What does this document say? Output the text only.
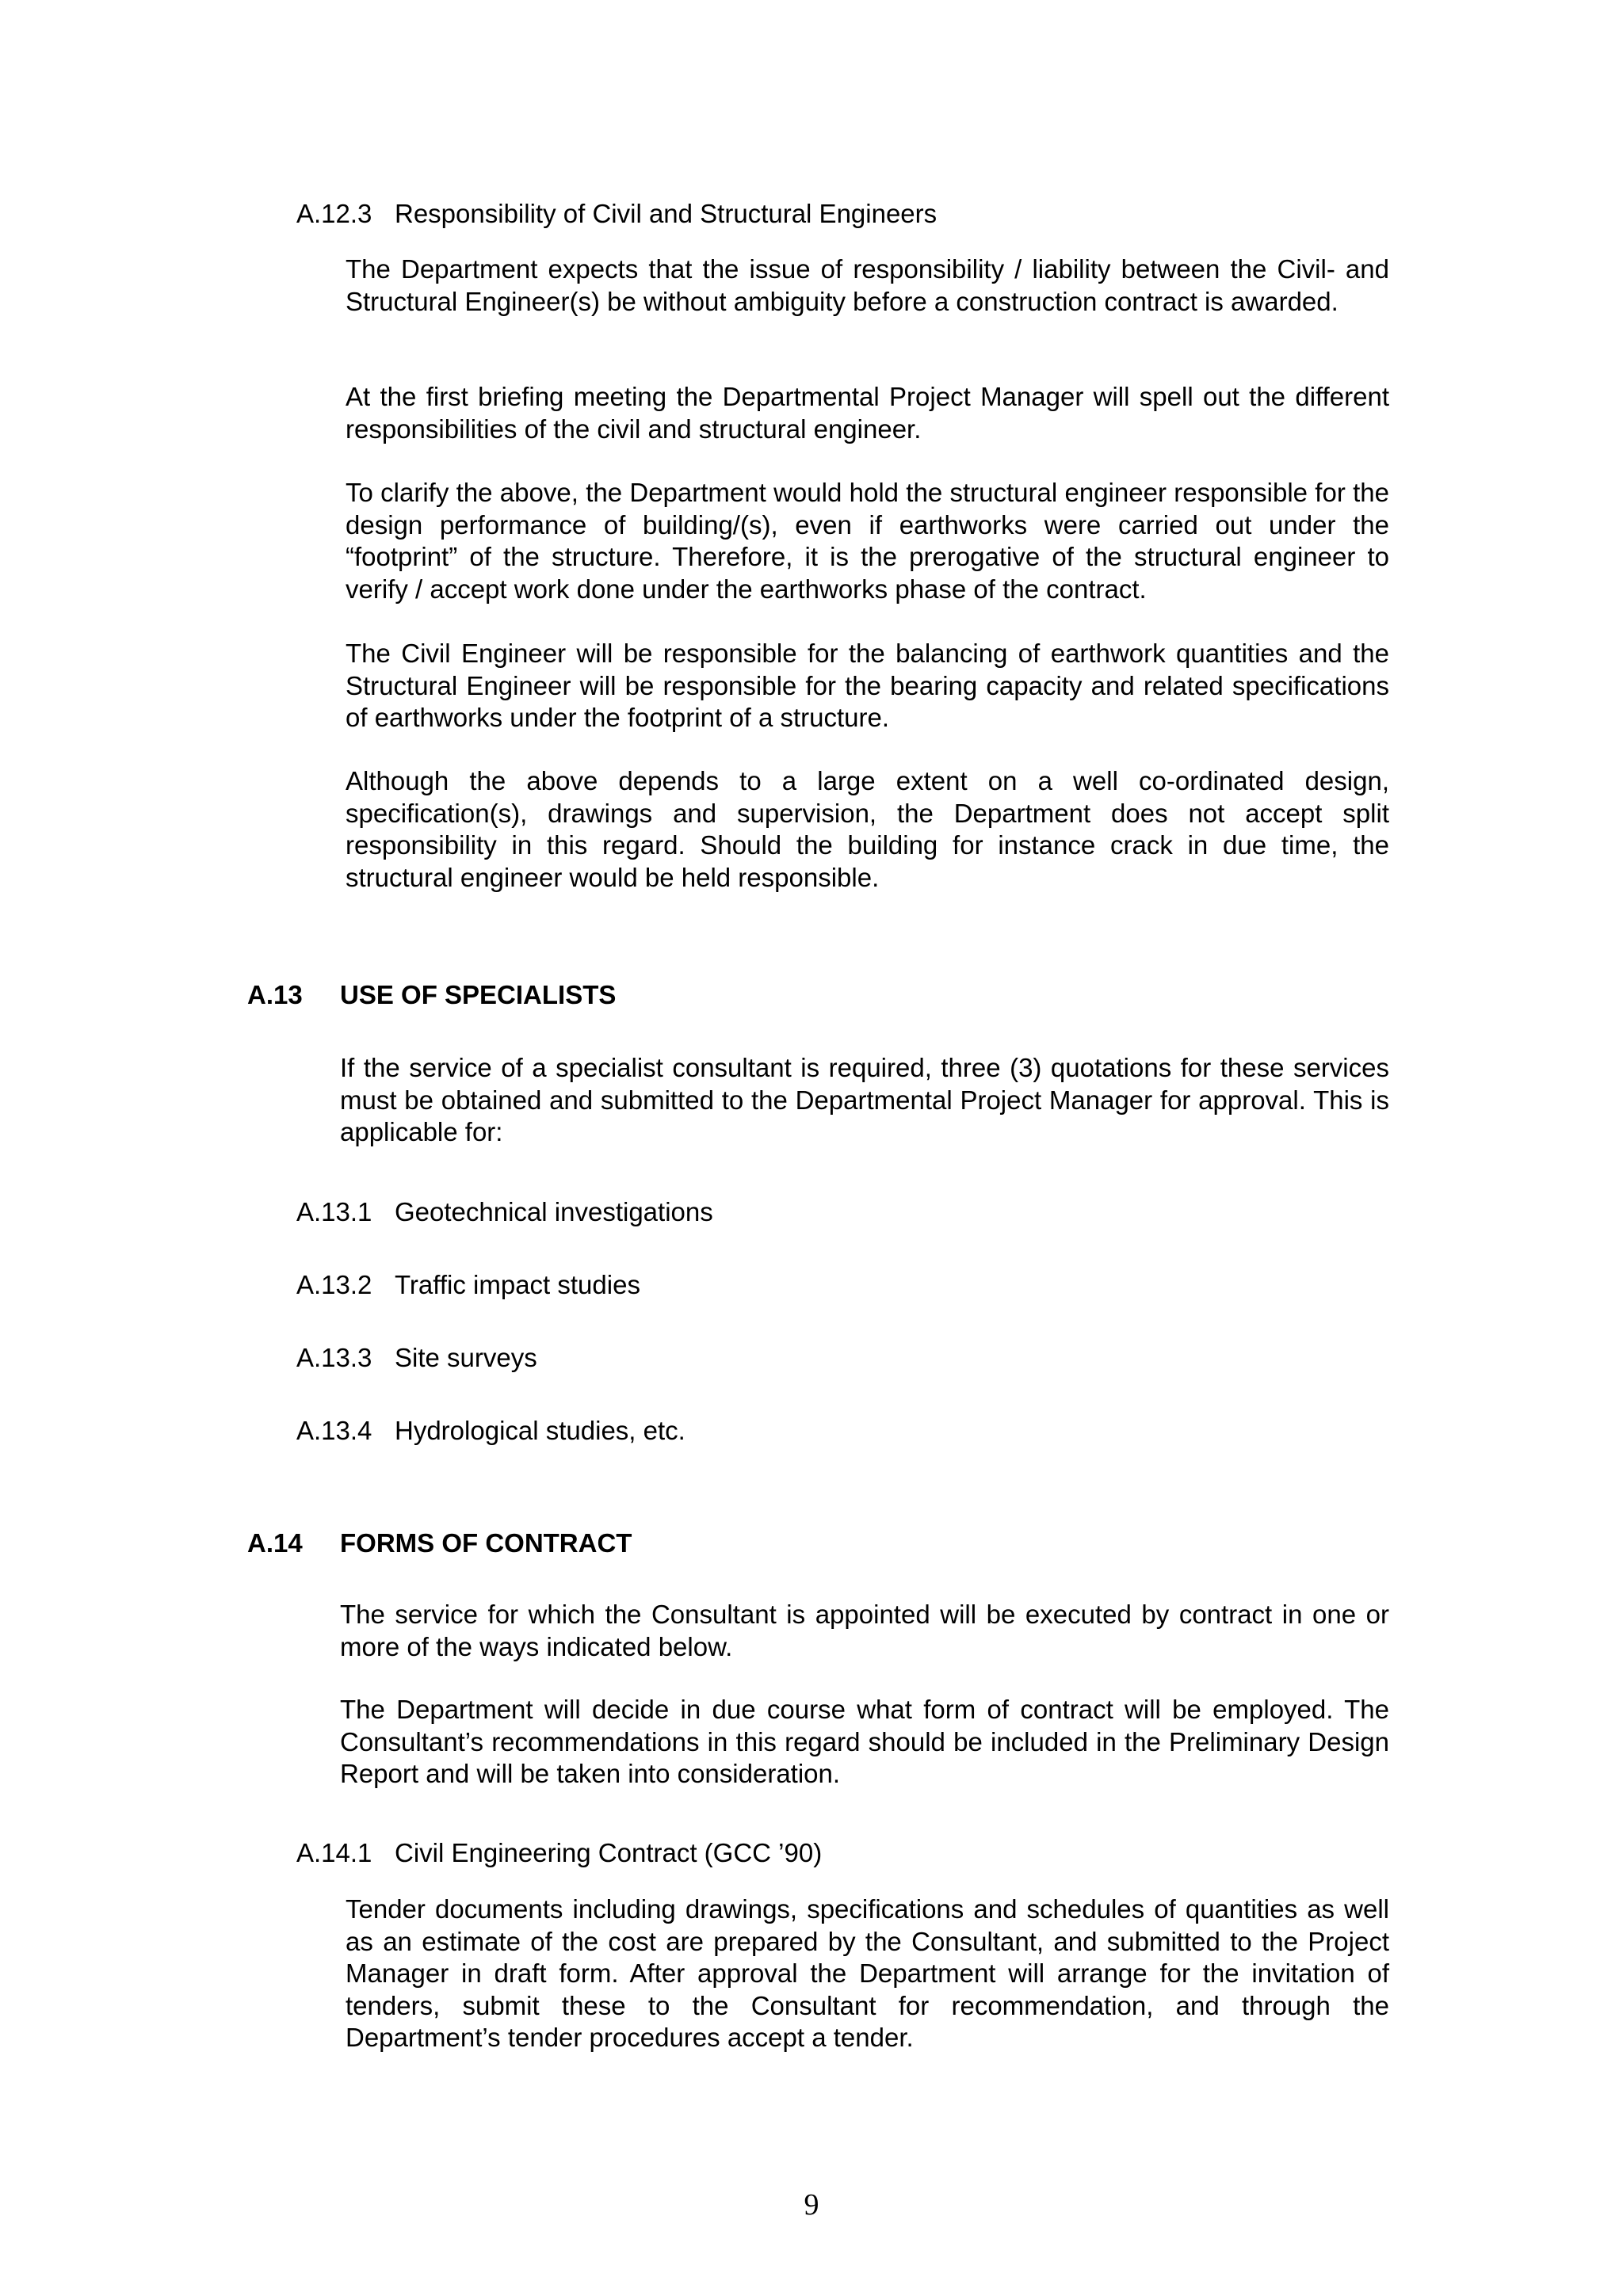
A.12.3 Responsibility of Civil and Structural Engineers

The Department expects that the issue of responsibility / liability between the Civil- and Structural Engineer(s) be without ambiguity before a construction contract is awarded.

At the first briefing meeting the Departmental Project Manager will spell out the different responsibilities of the civil and structural engineer.

To clarify the above, the Department would hold the structural engineer responsible for the design performance of building/(s), even if earthworks were carried out under the “footprint” of the structure. Therefore, it is the prerogative of the structural engineer to verify / accept work done under the earthworks phase of the contract.

The Civil Engineer will be responsible for the balancing of earthwork quantities and the Structural Engineer will be responsible for the bearing capacity and related specifications of earthworks under the footprint of a structure.

Although the above depends to a large extent on a well co-ordinated design, specification(s), drawings and supervision, the Department does not accept split responsibility in this regard. Should the building for instance crack in due time, the structural engineer would be held responsible.

A.13 USE OF SPECIALISTS

If the service of a specialist consultant is required, three (3) quotations for these services must be obtained and submitted to the Departmental Project Manager for approval. This is applicable for:

A.13.1 Geotechnical investigations
A.13.2 Traffic impact studies
A.13.3 Site surveys
A.13.4 Hydrological studies, etc.
A.14 FORMS OF CONTRACT

The service for which the Consultant is appointed will be executed by contract in one or more of the ways indicated below.

The Department will decide in due course what form of contract will be employed. The Consultant’s recommendations in this regard should be included in the Preliminary Design Report and will be taken into consideration.

A.14.1 Civil Engineering Contract (GCC ’90)

Tender documents including drawings, specifications and schedules of quantities as well as an estimate of the cost are prepared by the Consultant, and submitted to the Project Manager in draft form. After approval the Department will arrange for the invitation of tenders, submit these to the Consultant for recommendation, and through the Department’s tender procedures accept a tender.

9
